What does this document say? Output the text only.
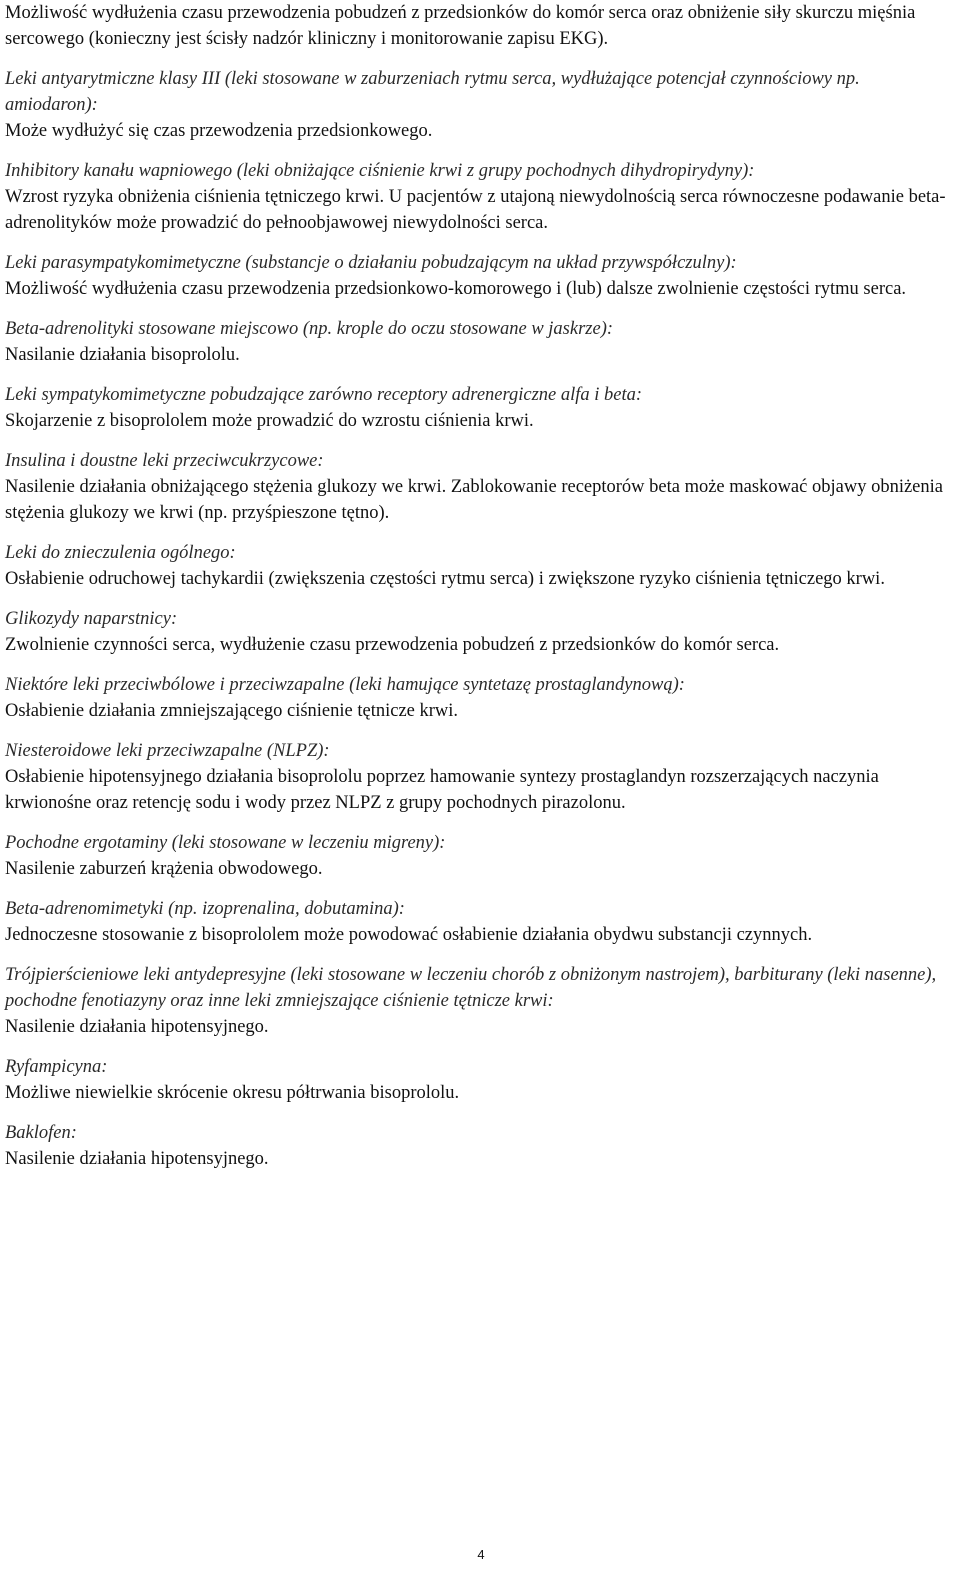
Możliwość wydłużenia czasu przewodzenia pobudzeń z przedsionków do komór serca oraz obniżenie siły skurczu mięśnia sercowego (konieczny jest ścisły nadzór kliniczny i monitorowanie zapisu EKG).

Leki antyarytmiczne klasy III (leki stosowane w zaburzeniach rytmu serca, wydłużające potencjał czynnościowy np. amiodaron):

Może wydłużyć się czas przewodzenia przedsionkowego.

Inhibitory kanału wapniowego (leki obniżające ciśnienie krwi z grupy pochodnych dihydropirydyny):

Wzrost ryzyka obniżenia ciśnienia tętniczego krwi. U pacjentów z utajoną niewydolnością serca równoczesne podawanie beta-adrenolityków może prowadzić do pełnoobjawowej niewydolności serca.

Leki parasympatykomimetyczne (substancje o działaniu pobudzającym na układ przywspółczulny):

Możliwość wydłużenia czasu przewodzenia przedsionkowo-komorowego i (lub) dalsze zwolnienie częstości rytmu serca.

Beta-adrenolityki stosowane miejscowo (np. krople do oczu stosowane w jaskrze):

Nasilanie działania bisoprololu.

Leki sympatykomimetyczne pobudzające zarówno receptory adrenergiczne alfa i beta:

Skojarzenie z bisoprololem może prowadzić do wzrostu ciśnienia krwi.

Insulina i doustne leki przeciwcukrzycowe:

Nasilenie działania obniżającego stężenia glukozy we krwi. Zablokowanie receptorów beta może maskować objawy obniżenia stężenia glukozy we krwi (np. przyśpieszone tętno).

Leki do znieczulenia ogólnego:

Osłabienie odruchowej tachykardii (zwiększenia częstości rytmu serca) i zwiększone ryzyko ciśnienia tętniczego krwi.

Glikozydy naparstnicy:

Zwolnienie czynności serca, wydłużenie czasu przewodzenia pobudzeń z przedsionków do komór serca.

Niektóre leki przeciwbólowe i przeciwzapalne (leki hamujące syntetazę prostaglandynową):

Osłabienie działania zmniejszającego ciśnienie tętnicze krwi.

Niesteroidowe leki przeciwzapalne (NLPZ):

Osłabienie hipotensyjnego działania bisoprololu poprzez hamowanie syntezy prostaglandyn rozszerzających naczynia krwionośne oraz retencję sodu i wody przez NLPZ z grupy pochodnych pirazolonu.

Pochodne ergotaminy (leki stosowane w leczeniu migreny):

Nasilenie zaburzeń krążenia obwodowego.

Beta-adrenomimetyki (np. izoprenalina, dobutamina):

Jednoczesne stosowanie z bisoprololem może powodować osłabienie działania obydwu substancji czynnych.

Trójpierścieniowe leki antydepresyjne (leki stosowane w leczeniu chorób z obniżonym nastrojem), barbiturany (leki nasenne), pochodne fenotiazyny oraz inne leki zmniejszające ciśnienie tętnicze krwi:

Nasilenie działania hipotensyjnego.

Ryfampicyna:

Możliwe niewielkie skrócenie okresu półtrwania bisoprololu.

Baklofen:

Nasilenie działania hipotensyjnego.

4
